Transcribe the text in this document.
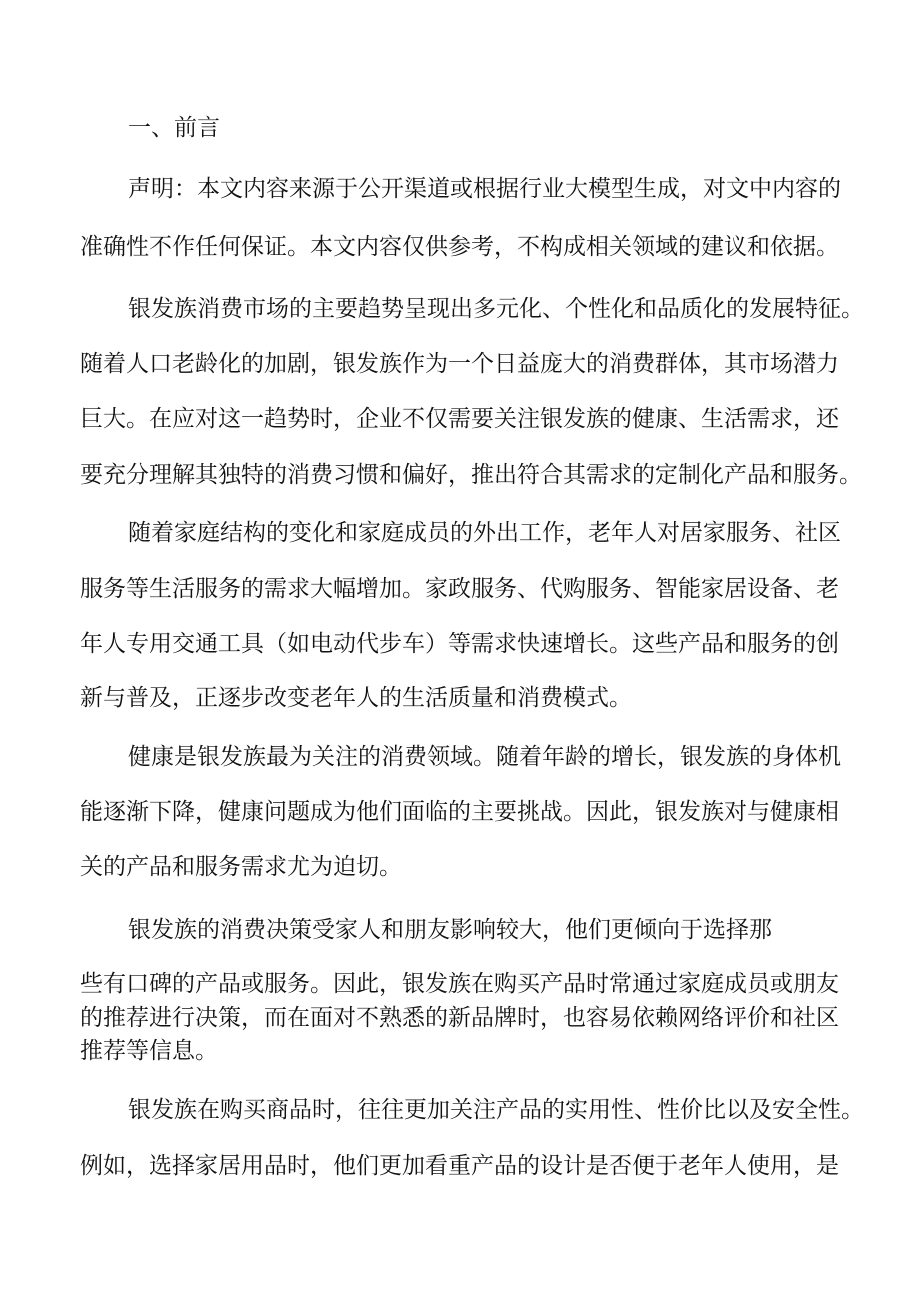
一、前言
声明：本文内容来源于公开渠道或根据行业大模型生成，对文中内容的
准确性不作任何保证。本文内容仅供参考，不构成相关领域的建议和依据。
银发族消费市场的主要趋势呈现出多元化、个性化和品质化的发展特征。
随着人口老龄化的加剧，银发族作为一个日益庞大的消费群体，其市场潜力
巨大。在应对这一趋势时，企业不仅需要关注银发族的健康、生活需求，还
要充分理解其独特的消费习惯和偏好，推出符合其需求的定制化产品和服务。
随着家庭结构的变化和家庭成员的外出工作，老年人对居家服务、社区
服务等生活服务的需求大幅增加。家政服务、代购服务、智能家居设备、老
年人专用交通工具（如电动代步车）等需求快速增长。这些产品和服务的创
新与普及，正逐步改变老年人的生活质量和消费模式。
健康是银发族最为关注的消费领域。随着年龄的增长，银发族的身体机
能逐渐下降，健康问题成为他们面临的主要挑战。因此，银发族对与健康相
关的产品和服务需求尤为迫切。
银发族的消费决策受家人和朋友影响较大，他们更倾向于选择那
些有口碑的产品或服务。因此，银发族在购买产品时常通过家庭成员或朋友
的推荐进行决策，而在面对不熟悉的新品牌时，也容易依赖网络评价和社区
推荐等信息。
银发族在购买商品时，往往更加关注产品的实用性、性价比以及安全性。
例如，选择家居用品时，他们更加看重产品的设计是否便于老年人使用，是
